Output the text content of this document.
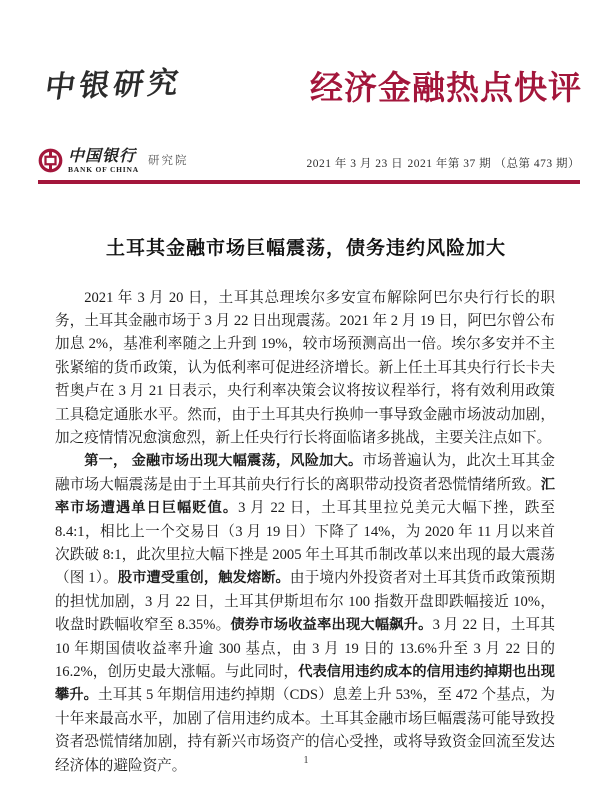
中银研究	经济金融热点快评
中国银行
BANK OF CHINA
研究院	2021 年 3 月 23 日 2021 年第 37 期 （总第 473 期）
土耳其金融市场巨幅震荡，债务违约风险加大

2021 年 3 月 20 日，土耳其总理埃尔多安宣布解除阿巴尔央行行长的职务，土耳其金融市场于 3 月 22 日出现震荡。2021 年 2 月 19 日，阿巴尔曾公布加息 2%，基准利率随之上升到 19%，较市场预测高出一倍。埃尔多安并不主张紧缩的货币政策，认为低利率可促进经济增长。新上任土耳其央行行长卡夫哲奥卢在 3 月 21 日表示，央行利率决策会议将按议程举行，将有效利用政策工具稳定通胀水平。然而，由于土耳其央行换帅一事导致金融市场波动加剧，加之疫情情况愈演愈烈，新上任央行行长将面临诸多挑战，主要关注点如下。

第一， 金融市场出现大幅震荡，风险加大。市场普遍认为，此次土耳其金融市场大幅震荡是由于土耳其前央行行长的离职带动投资者恐慌情绪所致。汇率市场遭遇单日巨幅贬值。3 月 22 日，土耳其里拉兑美元大幅下挫，跌至 8.4:1，相比上一个交易日（3 月 19 日）下降了 14%，为 2020 年 11 月以来首次跌破 8:1，此次里拉大幅下挫是 2005 年土耳其币制改革以来出现的最大震荡（图 1）。股市遭受重创，触发熔断。由于境内外投资者对土耳其货币政策预期的担忧加剧，3 月 22 日，土耳其伊斯坦布尔 100 指数开盘即跌幅接近 10%，收盘时跌幅收窄至 8.35%。债券市场收益率出现大幅飙升。3 月 22 日，土耳其 10 年期国债收益率升逾 300 基点，由 3 月 19 日的 13.6%升至 3 月 22 日的 16.2%，创历史最大涨幅。与此同时，代表信用违约成本的信用违约掉期也出现攀升。土耳其 5 年期信用违约掉期（CDS）息差上升 53%，至 472 个基点，为十年来最高水平，加剧了信用违约成本。土耳其金融市场巨幅震荡可能导致投资者恐慌情绪加剧，持有新兴市场资产的信心受挫，或将导致资金回流至发达经济体的避险资产。	1
